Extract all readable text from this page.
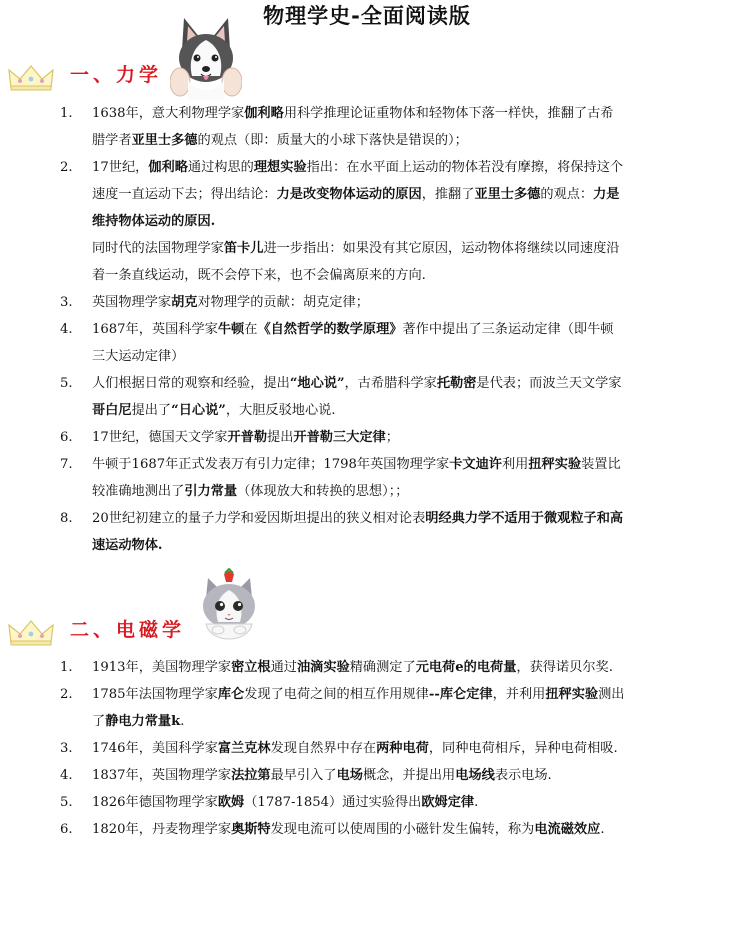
物理学史-全面阅读版
一、力学
1. 1638年，意大利物理学家伽利略用科学推理论证重物体和轻物体下落一样快，推翻了古希腊学者亚里士多德的观点（即：质量大的小球下落快是错误的）；
2. 17世纪，伽利略通过构思的理想实验指出：在水平面上运动的物体若没有摩擦，将保持这个速度一直运动下去；得出结论：力是改变物体运动的原因，推翻了亚里士多德的观点：力是维持物体运动的原因.
同时代的法国物理学家笛卡儿进一步指出：如果没有其它原因，运动物体将继续以同速度沿着一条直线运动，既不会停下来，也不会偏离原来的方向.
3. 英国物理学家胡克对物理学的贡献：胡克定律；
4. 1687年，英国科学家牛顿在《自然哲学的数学原理》著作中提出了三条运动定律（即牛顿三大运动定律）
5. 人们根据日常的观察和经验，提出“地心说”，古希腊科学家托勒密是代表；而波兰天文学家哥白尼提出了“日心说”，大胆反驳地心说.
6. 17世纪，德国天文学家开普勒提出开普勒三大定律；
7. 牛顿于1687年正式发表万有引力定律；1798年英国物理学家卡文迪许利用扭秤实验装置比较准确地测出了引力常量（体现放大和转换的思想）；；
8. 20世纪初建立的量子力学和爱因斯坦提出的狭义相对论表明经典力学不适用于微观粒子和高速运动物体.
二、电磁学
1. 1913年，美国物理学家密立根通过油滴实验精确测定了元电荷e的电荷量，获得诺贝尔奖.
2. 1785年法国物理学家库仑发现了电荷之间的相互作用规律--库仑定律，并利用扭秤实验测出了静电力常量k.
3. 1746年，美国科学家富兰克林发现自然界中存在两种电荷，同种电荷相斥，异种电荷相吸.
4. 1837年，英国物理学家法拉第最早引入了电场概念，并提出用电场线表示电场.
5. 1826年德国物理学家欧姆（1787-1854）通过实验得出欧姆定律.
6. 1820年，丹麦物理学家奥斯特发现电流可以使周围的小磁针发生偏转，称为电流磁效应.
